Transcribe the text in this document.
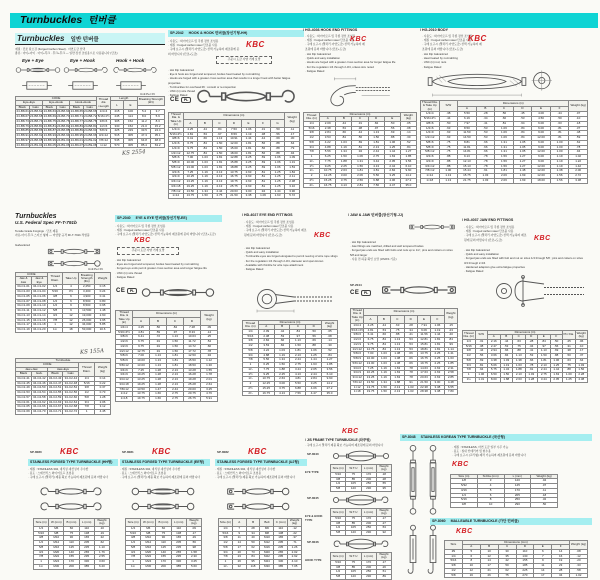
Turnbuckles 턴버클
Turnbuckles 일반 턴버클
재질 : 단조 탄소강 (Forged Carbon Steel) · 아연도금 선택
종류 : 아이+아이 · 아이+후크 · 후크+후크 — 일반 장선 조임용으로 사용됩니다 (단조)
Eye + Eye	Eye + Hook	Hook + Hook
Unit:Per Pc
CODE						Thread dia ×Length	Length		Breaking Strength (kN)	
Eye+Eye		Eye+Hook		Hook+Hook			L	E		
Black	Galv.	Black	Galv.	Black	Galv.					
24-B8-61	24-B8-62	24-B8-63	24-B8-64	24-B8-65	24-B8-66	1/4×4	215	100	5.2	3.7
24-B8-67	24-B8-68	24-B8-69	24-B8-70	24-B8-71	24-B8-72	5/16×4½	245	114	8.0	5.9
24-B8-73	24-B8-74	24-B8-75	24-B8-76	24-B8-77	24-B8-78	3/8×6	305	152	11.2	8.3
24-B8-79	24-B8-80	24-B8-81	24-B8-82	24-B8-83	24-B8-84	1/2×6	330	152	21.0	15.2
24-B8-85	24-B8-86	24-B8-87	24-B8-88	24-B8-89	24-B8-90	5/8×9	425	229	33.5	24.4
24-B8-91	24-B8-92	24-B8-93	24-B8-94	24-B8-95	24-B8-96	3/4×12	515	305	47.3	35.1
24-B8-97	24-B8-98	24-B8-99	24-B9-00	24-B9-01	24-B9-02	7/8×12	545	305	64.8	48.0
24-B9-03	24-B9-04	24-B9-05	24-B9-06	24-B9-07	24-B9-08	1×12	570	305	85.4	63.2
KS 2554
SP-2042 HOOK & HOOK 턴버클(장선기형-HH)
· 사용도 : 와이어로프 및 각종 장선 조임용
· 재질 : Forged carbon steel 단조품 사용
· 구매 요구시 (열처리·아연도금) 선택 가능하며 제조원에 문의 바랍니다 (단조+도금)
KBC
주문시 도금 사양 기재 요망
· Hot Dip Galvanized
· Eye & hook are forged and tempered, bodies heat treated by normalizing
· Hooks are forged with a greater cross section area that results in a longer hook with better fatigue properties
· Turnbuckles for overhead lift : consult or re-inspection
· UNC (in) size thread
· Fatigue Rated
CE	PL
Thread Dia. & Take Up (in)	Dimensions (in)							Weight (kg)
	A	B	C	D	E	F	G	
1/4×4	4.25	.44	.84	7.50	1.06	.31	.50	.11
5/16×4½	4.81	.53	.97	8.56	1.19	.38	.56	.17
3/8×6	6.41	.66	1.13	10.91	1.44	.44	.69	.30
1/2×6	6.75	.84	1.50	12.00	1.81	.56	.88	.64
1/2×9	9.75	.84	1.50	15.00	1.81	.56	.88	.79
1/2×12	12.75	.84	1.50	18.00	1.81	.56	.88	.94
5/8×6	7.00	1.03	1.81	12.88	2.25	.69	1.06	1.09
5/8×9	10.00	1.03	1.81	15.88	2.25	.69	1.06	1.31
5/8×12	13.00	1.03	1.81	18.88	2.25	.69	1.06	1.53
3/4×6	7.25	1.19	2.13	13.75	2.63	.81	1.25	1.84
3/4×9	10.25	1.19	2.13	16.75	2.63	.81	1.25	2.11
3/4×12	13.25	1.19	2.13	19.75	2.63	.81	1.25	2.38
3/4×18	19.25	1.19	2.13	25.75	2.63	.81	1.25	3.10
7/8×12	13.50	1.34	2.44	20.63	3.00	.94	1.44	3.90
1×12	13.75	1.50	2.75	21.50	3.38	1.06	1.63	5.72
\ HG-4036 HOOK END FITTINGS
· 사용도 : 와이어로프 및 각종 장선 조임용
· 재질 : Forged carbon steel 단조품 사용
· 구매 요구시 (열처리·아연도금) 선택 가능하며 제조원에 문의 바랍니다 (단조+도금)
KBC
· Hot Dip Galvanized
· Quick and easy installation
· Hooks are forged with a greater cross section area for longer fatigue life
· For the regulation 1/4 through 2-3/4, unless size noted
· Fatigue Rated
Thread Dia. (in)	Dimensions (in)					Weight (kg)
	A	B	C	D	E	
1/4	2.09	.44	.31	.84	.50	.05
5/16	2.38	.53	.38	.97	.56	.08
3/8	2.84	.66	.44	1.13	.69	.14
1/2	3.53	.84	.56	1.50	.88	.30
5/8	4.22	1.03	.69	1.81	1.06	.52
3/4	4.88	1.19	.81	2.13	1.25	.84
7/8	5.56	1.34	.94	2.44	1.44	1.27
1	6.25	1.50	1.06	2.75	1.63	1.85
1¼	7.75	1.88	1.31	3.44	2.05	3.56
1½	9.25	2.25	1.56	4.13	2.44	6.10
1¾	10.75	2.63	1.81	4.81	2.84	9.60
2	12.25	3.00	2.06	5.50	3.25	14.2
2½	15.25	3.75	2.56	6.88	4.06	27.2
2¾	16.75	4.13	2.81	7.56	4.47	35.0
\ HG-2010 BODY
· 사용도 : 와이어로프 및 각종 장선 조임용
· 재질 : Forged carbon steel 단조품 사용
· 구매 요구시 (열처리·아연도금) 선택 가능하며 제조원에 문의 바랍니다 (단조+도금)
KBC
· Hot Dip Galvanized
· Heat treated by normalizing
· UNC (in) rod, nuts
· Fatigue Rated
Thread Dia. & Take Up (in)	S/W	Dimensions (in)						Weight (kg)
		A	B	C	D	E	F	
1/4×4	.38	5.50	.28	.56	.45	4.00	.44	.07
5/16×4½	.44	6.19	.34	.66	.53	4.50	.50	.10
3/8×6	.50	7.97	.41	.81	.64	6.00	.63	.18
1/2×6	.63	8.50	.53	1.06	.84	6.00	.81	.37
1/2×9	.63	11.50	.53	1.06	.84	9.00	.81	.48
1/2×12	.63	14.50	.53	1.06	.84	12.00	.81	.59
5/8×6	.75	8.81	.66	1.31	1.05	6.00	1.00	.62
5/8×9	.75	11.81	.66	1.31	1.05	9.00	1.00	.78
5/8×12	.75	14.81	.66	1.31	1.05	12.00	1.00	.94
3/4×6	.88	9.13	.78	1.56	1.27	6.00	1.19	1.02
3/4×9	.88	12.13	.78	1.56	1.27	9.00	1.19	1.22
3/4×12	.88	15.13	.78	1.56	1.27	12.00	1.19	1.42
7/8×12	1.00	15.44	.91	1.81	1.48	12.00	1.38	2.00
1×12	1.13	15.75	1.03	2.06	1.69	12.00	1.56	2.72
1×18	1.13	21.75	1.03	2.06	1.69	18.00	1.56	3.38
Turnbuckles
U.S. Federal Spec FF-T-791b
Tensile Grade Forgings · 단조 제품
자유-아이·후크·스터브 형태 — 미연방 규격 FF-T-791b 적합품
Galvanized
Unit:Per Pc
CODE		Thread Diam.	Take Up	Breaking Strength (lbs)	Weight
Jaw & Jaw	Jaw & Eye				
34-C1-01	34-C1-02	1/4	4	2,250	0.15
34-C1-03	34-C1-04	5/16	4½	3,400	0.24
34-C1-05	34-C1-06	3/8	6	4,900	0.41
34-C1-07	34-C1-08	1/2	6	8,500	0.80
34-C1-09	34-C1-10	1/2	9	8,500	0.95
34-C1-11	34-C1-12	5/8	9	13,500	1.48
34-C1-13	34-C1-14	3/4	12	19,000	2.60
34-C1-15	34-C1-16	7/8	12	26,000	3.95
34-C1-17	34-C1-18	1	12	34,000	5.85
34-C1-19	34-C1-20	1¼	18	53,000	10.6
KS 155A
Turnbuckle					
CODE				Thread Diam.	Weight (kg)
Jaw+Jaw		Jaw+Eye			
Black	Galv.	Black	Galv.		
34-C2-41	34-C2-42	34-C2-43	34-C2-44	1/4	0.14
34-C2-45	34-C2-46	34-C2-47	34-C2-48	5/16	0.22
34-C2-49	34-C2-50	34-C2-51	34-C2-52	3/8	0.37
34-C2-53	34-C2-54	34-C2-55	34-C2-56	1/2	0.73
34-C2-57	34-C2-58	34-C2-59	34-C2-60	5/8	1.28
34-C2-61	34-C2-62	34-C2-63	34-C2-64	3/4	2.06
34-C2-65	34-C2-66	34-C2-67	34-C2-68	7/8	3.12
34-C2-69	34-C2-70	34-C2-71	34-C2-72	1	4.45
SP-2040 EYE & EYE 턴버클(장선기형-EE)
· 사용도 : 와이어로프 및 각종 장선 조임용
· 재질 : Forged carbon steel 단조품 사용
· 구매 요구시 (열처리·아연도금) 선택 가능하며 제조원에 문의 바랍니다 (단조+도금)
KBC
주문시 도금 사양 기재 요망
· Hot Dip Galvanized
· Eyes are forged and tempered, bodies heat treated by normalizing
· Forged eye ends permit greater cross section area and longer fatigue life
· UNC (in) size thread
· Fatigue Rated
CE	PL
Thread Dia. & Take Up (in)	Dimensions (in)				Weight (kg)
	A	B	C	D	
1/4×4	4.25	.50	.84	7.28	.09
5/16×4½	4.81	.59	.97	8.33	.14
3/8×6	6.41	.72	1.13	10.63	.25
1/2×6	6.75	.91	1.50	11.72	.54
1/2×9	9.75	.91	1.50	14.72	.66
1/2×12	12.75	.91	1.50	17.72	.78
5/8×6	7.00	1.13	1.81	12.50	.94
5/8×9	10.00	1.13	1.81	15.50	1.12
5/8×12	13.00	1.13	1.81	18.50	1.30
3/4×6	7.25	1.28	2.13	13.28	1.55
3/4×9	10.25	1.28	2.13	16.28	1.78
3/4×12	13.25	1.28	2.13	19.28	2.01
3/4×18	19.25	1.28	2.13	25.28	2.64
7/8×12	13.50	1.47	2.44	20.00	3.25
1×12	13.75	1.66	2.75	20.75	4.76
1×18	19.75	1.66	2.75	26.75	5.91
\ HD-4027 EYE END FITTINGS
· 사용도 : 와이어로프 및 각종 장선 조임용
· 재질 : Forged carbon steel 단조품 사용
· 구매 요구시 (열처리·아연도금) 선택 가능하며 제조원에 문의 바랍니다 (단조+도금)	KBC
· Hot Dip Galvanized
· Quick and easy installation
· Turnbuckle eyes are forged elongated to permit reeving of wire rope slings
· For the regulation 1/4 through 2-3/4, diameter and span known
· Available with thimble for wire rope attachment
· Fatigue Rated
Thread Dia. (in)	Dimensions (in)				Weight (kg)
	A	B	C	D	
1/4	2.09	.44	.84	.50	.05
5/16	2.38	.53	.97	.56	.08
3/8	2.84	.66	1.13	.69	.14
1/2	3.53	.84	1.50	.88	.30
5/8	4.22	1.03	1.81	1.06	.52
3/4	4.88	1.19	2.13	1.25	.84
7/8	5.56	1.34	2.44	1.44	1.27
1	6.25	1.50	2.75	1.63	1.85
1¼	7.75	1.88	3.44	2.05	3.56
1½	9.25	2.25	4.13	2.44	6.10
1¾	10.75	2.63	4.81	2.84	9.60
2	12.25	3.00	5.50	3.25	14.2
2½	15.25	3.75	6.88	4.06	27.2
2¾	16.75	4.13	7.56	4.47	35.0
\ JAW & JAW 턴버클(장선기형-JJ)
· Hot Dip Galvanized
· Jaw fittings are matched, drilled and well tempered bodies
· Forged jaw ends are fitted with bolts and nuts up to 1/2 ; pins and cotters on sizes 5/8 and larger
· 사용 전 하중 확인 요망 (JIS/KS 기준)
SP-2044
CE	PL
Thread Dia. & Take Up (in)	Dimensions (in)						Weight (kg)
	A	B	C	D	E	F	
1/4×4	4.25	.44	.63	.28	7.91	1.06	.15
5/16×4½	4.81	.53	.75	.34	9.06	1.19	.23
3/8×6	6.41	.66	.88	.41	11.56	1.44	.40
1/2×6	6.75	.84	1.13	.53	12.81	1.81	.84
1/2×9	9.75	.84	1.13	.53	15.81	1.81	.99
1/2×12	12.75	.84	1.13	.53	18.81	1.81	1.14
5/8×6	7.00	1.03	1.38	.66	13.75	2.25	1.41
5/8×9	10.00	1.03	1.38	.66	16.75	2.25	1.63
5/8×12	13.00	1.03	1.38	.66	19.75	2.25	1.85
3/4×6	7.25	1.19	1.63	.78	14.63	2.63	2.31
3/4×9	10.25	1.19	1.63	.78	17.63	2.63	2.58
3/4×12	13.25	1.19	1.63	.78	20.63	2.63	2.85
7/8×12	13.50	1.34	1.88	.91	21.50	3.00	4.48
1×12	13.75	1.50	2.13	1.03	22.38	3.38	6.55
1×18	19.75	1.50	2.13	1.03	28.38	3.38	7.80
\ HG-4037 JAW END FITTINGS
· 사용도 : 와이어로프 및 각종 장선 조임용
· 재질 : Forged carbon steel 단조품 사용
· 구매 요구시 (열처리·아연도금) 선택 가능하며 제조원에 문의 바랍니다 (단조+도금)	KBC
· Hot Dip Galvanized
· Quick and easy installation
· Forged jaw ends are fitted with bolt and nut on sizes 1/4 through 5/8 ; pins and cotters on sizes 3/4 through 2-3/4
· Hardened adaptors give extra fatigue properties
· Fatigue Rated
Thread Dia. (in)	S/W	Dimensions (in)						Pin Dia.	Weight (kg)
		A	B	C	D	E	F		
1/4	.31	2.16	.44	.63	.28	.84	.50	.25	.06
5/16	.38	2.47	.53	.75	.34	.97	.56	.31	.10
3/8	.44	2.94	.66	.88	.41	1.13	.69	.38	.17
1/2	.56	3.66	.84	1.13	.53	1.50	.88	.50	.37
5/8	.69	4.38	1.03	1.38	.66	1.81	1.06	.63	.64
3/4	.81	5.06	1.19	1.63	.78	2.13	1.25	.75	1.03
7/8	.94	5.75	1.34	1.88	.91	2.44	1.44	.88	1.56
1	1.06	6.50	1.50	2.13	1.03	2.75	1.63	1.00	2.28
1¼	1.31	8.00	1.88	2.63	1.28	3.44	2.05	1.25	4.38
SP-8080 KBC
STAINLESS FORGED TYPE TURNBUCKLE (HH형)
· 재질 : STAINLESS 304, 내식성·내산성이 우수함
· 용도 : 스테인리스 와이어로프 조임용
· 구매 요구시 (열처리) 제품 확보 가능하며 제조원에 문의 바랍니다
Size (in)	W (mm)	B (mm)	L (mm)	Weight (kg)
1/4	M6	60	110	.10
5/16	M8	75	138	.19
3/8	M10	90	165	.32
1/2	M12	110	205	.62
5/8	M16	125	235	1.10
3/4	M20	140	265	1.76
7/8	M22	155	295	2.55
1	M24	170	330	3.60
1¼	M30	200	385	6.20
SP-8081 KBC
STAINLESS FORGED TYPE TURNBUCKLE (EE형)
· 재질 : STAINLESS 304, 내식성·내산성이 우수함
· 용도 : 스테인리스 와이어로프 조임용
· 구매 요구시 (열처리) 제품 확보 가능하며 제조원에 문의 바랍니다
Size (in)	W (mm)	B (mm)	L (mm)	Weight (kg)
1/4	M6	60	110	.09
5/16	M8	75	138	.17
3/8	M10	90	165	.29
1/2	M12	110	205	.56
5/8	M16	125	235	.98
3/4	M20	140	265	1.58
7/8	M22	155	295	2.30
1	M24	170	330	3.25
1¼	M30	200	385	5.60
SP-8082 KBC
STAINLESS FORGED TYPE TURNBUCKLE (UJ형)
· 재질 : STAINLESS 304, 내식성·내산성이 우수함
· 용도 : 스테인리스 와이어로프 조임용
· 구매 요구시 (열처리) 제품 확보 가능하며 제조원에 문의 바랍니다
Size (in)	A	B	Bolt	C (mm)	Weight (kg)
1/4	7	28	M6	110	.12
5/16	9	34	M8	138	.22
3/8	11	40	M10	165	.37
1/2	14	50	M12	205	.71
5/8	17	62	M16	235	1.26
3/4	20	73	M20	265	2.02
7/8	23	84	M22	295	2.92
1	26	95	M24	330	4.10
1¼	32	118	M30	385	7.05
KBC
\ JIS FRAME TYPE TURNBUCKLE (와쿠형)
· 구매 요구시 열처리 제품 확보 가능하며 제조원에 문의 바랍니다
SP-8040
EYE TYPE
Size (in)	W.T.U	L (mm)	Weight (kg)
5/16	75	170	.18
3/8	85	200	.28
1/2	105	250	.55
5/8	120	290	.95
SP-8045
EYE & HOOK TYPE
Size (in)	W.T.U	L (mm)	Weight (kg)
5/16	75	170	.17
3/8	85	200	.27
1/2	105	250	.53
5/8	120	290	.92
SP-8046
HOOK TYPE
Size (in)	W.T.U	L (mm)	Weight (kg)
5/16	75	170	.17
3/8	85	200	.26
1/2	105	250	.51
5/8	120	290	.89
SP-8048 STAINLESS KOREAN TYPE TURNBUCKLE (국산형)
· 재질 : STAINLESS, 아연 도금 일부 수주 가능
· 용도 : 실내 인테리어 및 현수용
· 구매 요구시 (고리형) 제작 가능하며 제조원에 문의 바랍니다
KBC
Size (in)	St.Dia (mm)	L (mm)	Weight (kg)
1/8	3	120	.04
5/32	4	145	.07
3/16	5	170	.11
1/4	6	205	.18
5/16	8	250	.32
3/8	10	290	.50
SP-8060 MALLEABLE TURNBUCKLE (가단 턴버클)
KBC
Size	Dimensions (mm)						Weight (kg)
	A	B	C	D	E	F	
#9	5	10	30	110	6	14	.08
1/4	6	12	35	130	7	16	.12
5/16	8	14	42	155	9	19	.20
3/8	10	17	50	185	11	23	.33
1/2	12	21	62	225	14	28	.58
5/8	16	26	75	270	17	34	1.02
